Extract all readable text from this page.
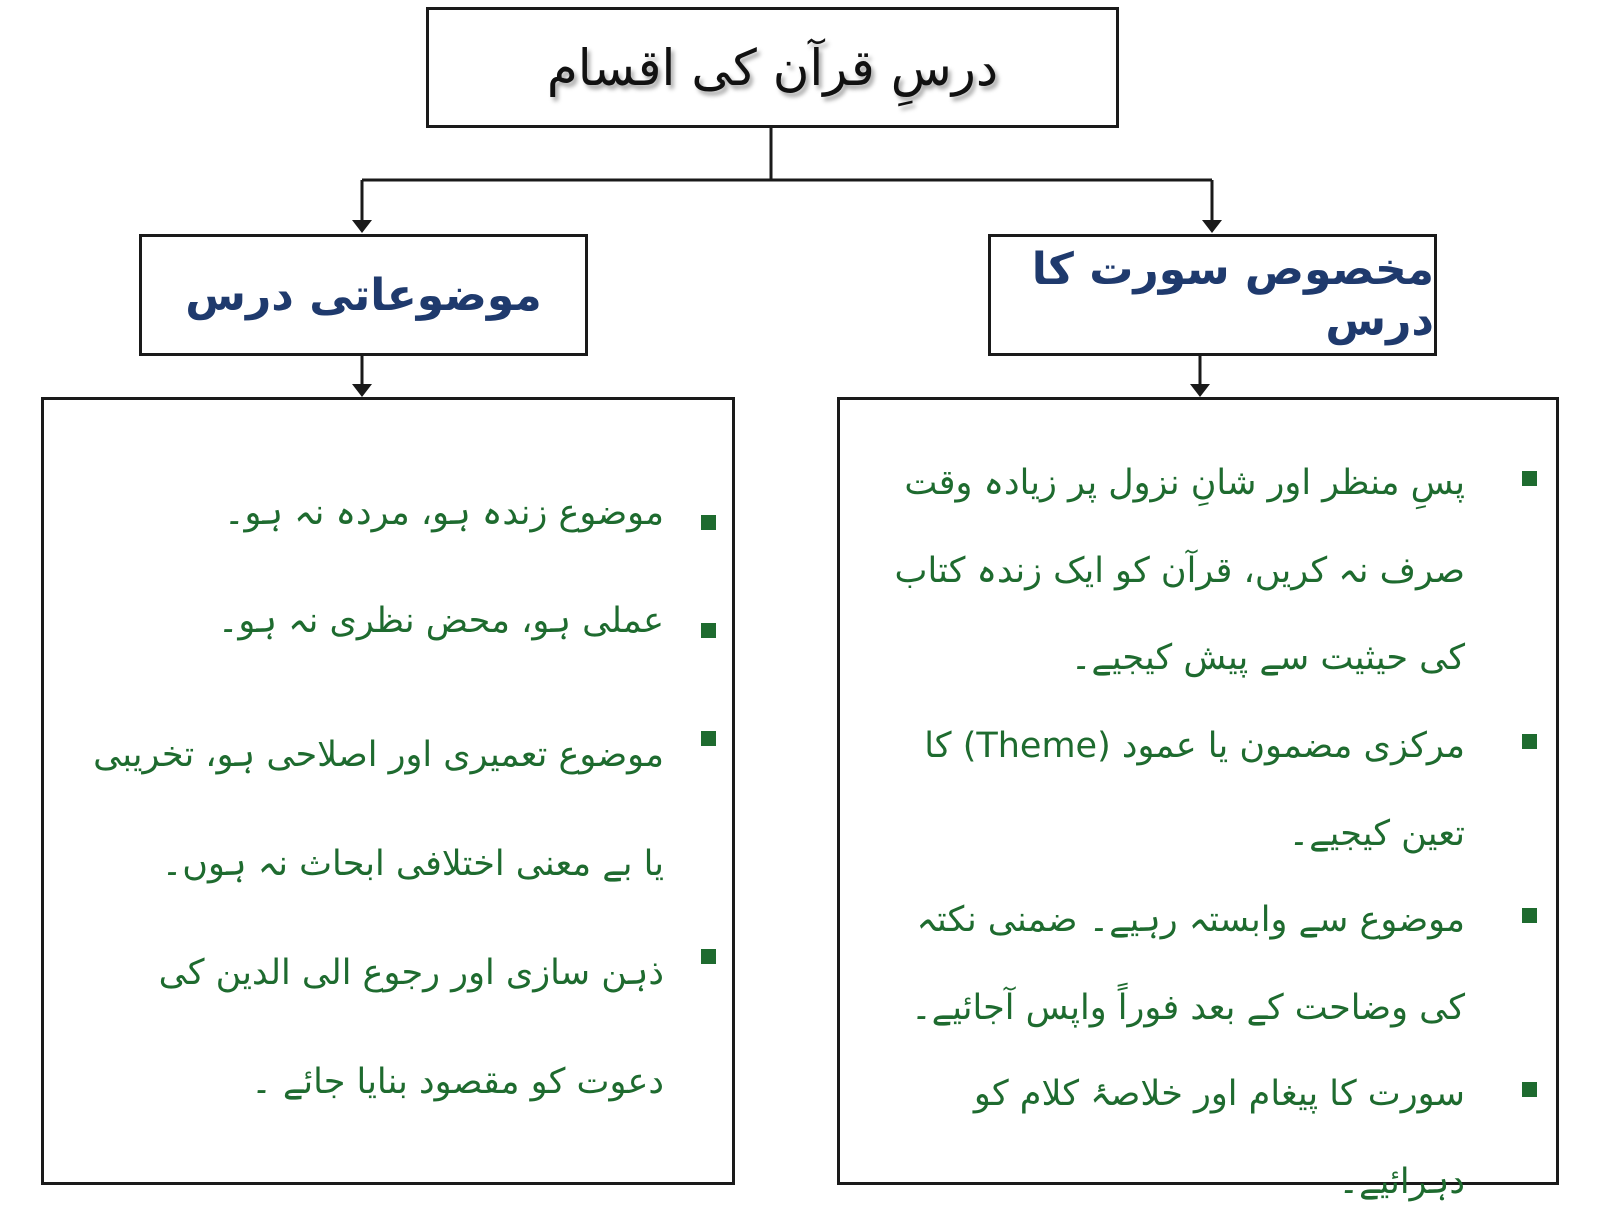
درسِ قرآن کی اقسام
موضوعاتی درس	مخصوص سورت کا درس
موضوع زندہ ہو، مردہ نہ ہو۔
عملی ہو، محض نظری نہ ہو۔
موضوع تعمیری اور اصلاحی ہو، تخریبی یا بے معنی اختلافی ابحاث نہ ہوں۔
ذہن سازی اور رجوع الی الدین کی دعوت کو مقصود بنایا جائے ۔
پسِ منظر اور شانِ نزول پر زیادہ وقت صرف نہ کریں، قرآن کو ایک زندہ کتاب کی حیثیت سے پیش کیجیے۔
مرکزی مضمون یا عمود (Theme) کا تعین کیجیے۔
موضوع سے وابستہ رہیے۔ ضمنی نکتہ کی وضاحت کے بعد فوراً واپس آجائیے۔
سورت کا پیغام اور خلاصۂ کلام کو دہرائیے۔
